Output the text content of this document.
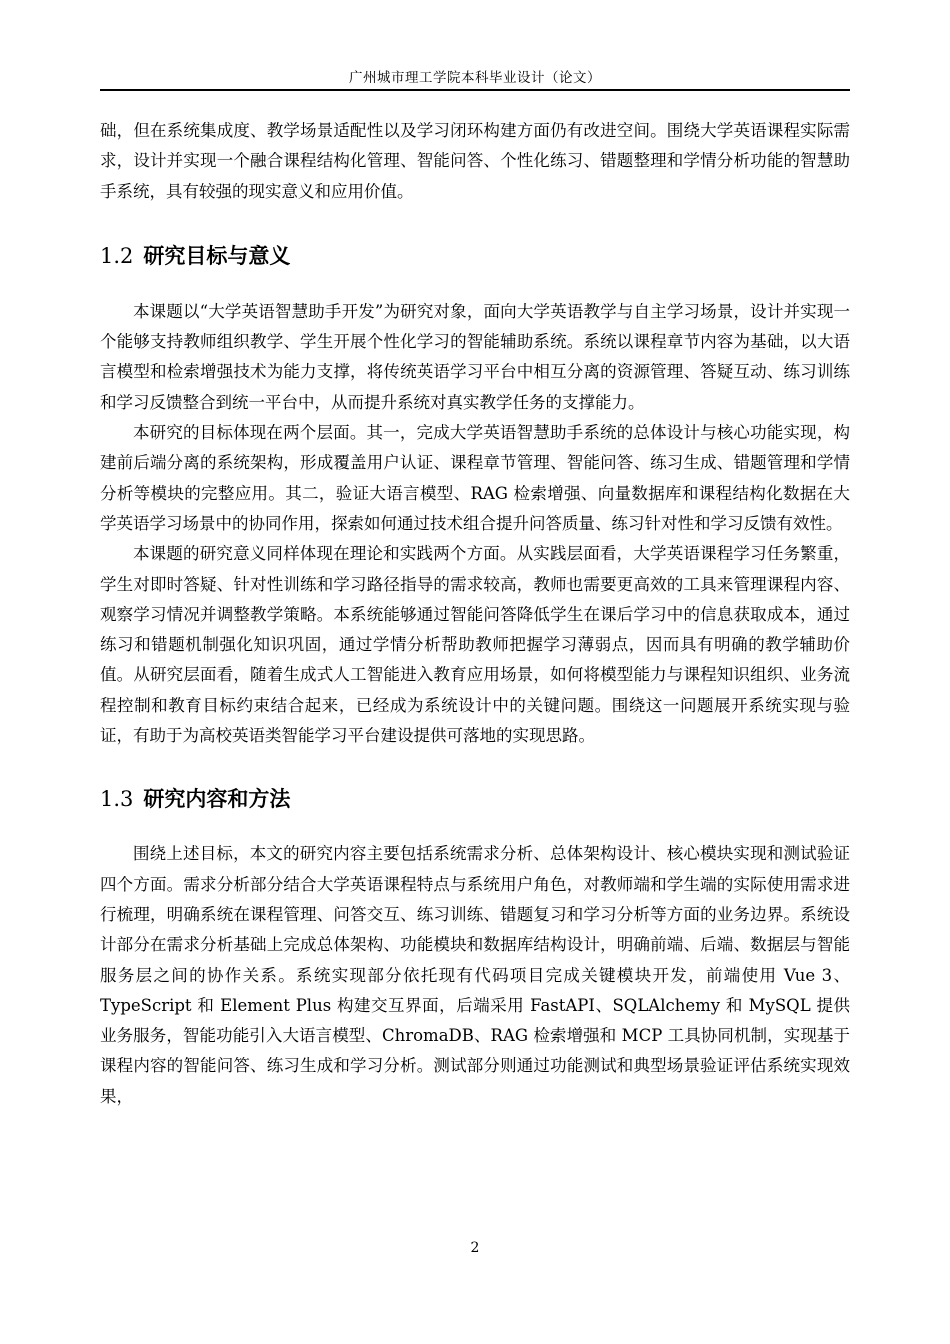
广州城市理工学院本科毕业设计（论文）

础，但在系统集成度、教学场景适配性以及学习闭环构建方面仍有改进空间。围绕大学英语课程实际需求，设计并实现一个融合课程结构化管理、智能问答、个性化练习、错题整理和学情分析功能的智慧助手系统，具有较强的现实意义和应用价值。

1.2 研究目标与意义

本课题以“大学英语智慧助手开发”为研究对象，面向大学英语教学与自主学习场景，设计并实现一个能够支持教师组织教学、学生开展个性化学习的智能辅助系统。系统以课程章节内容为基础，以大语言模型和检索增强技术为能力支撑，将传统英语学习平台中相互分离的资源管理、答疑互动、练习训练和学习反馈整合到统一平台中，从而提升系统对真实教学任务的支撑能力。

本研究的目标体现在两个层面。其一，完成大学英语智慧助手系统的总体设计与核心功能实现，构建前后端分离的系统架构，形成覆盖用户认证、课程章节管理、智能问答、练习生成、错题管理和学情分析等模块的完整应用。其二，验证大语言模型、RAG 检索增强、向量数据库和课程结构化数据在大学英语学习场景中的协同作用，探索如何通过技术组合提升问答质量、练习针对性和学习反馈有效性。

本课题的研究意义同样体现在理论和实践两个方面。从实践层面看，大学英语课程学习任务繁重，学生对即时答疑、针对性训练和学习路径指导的需求较高，教师也需要更高效的工具来管理课程内容、观察学习情况并调整教学策略。本系统能够通过智能问答降低学生在课后学习中的信息获取成本，通过练习和错题机制强化知识巩固，通过学情分析帮助教师把握学习薄弱点，因而具有明确的教学辅助价值。从研究层面看，随着生成式人工智能进入教育应用场景，如何将模型能力与课程知识组织、业务流程控制和教育目标约束结合起来，已经成为系统设计中的关键问题。围绕这一问题展开系统实现与验证，有助于为高校英语类智能学习平台建设提供可落地的实现思路。

1.3 研究内容和方法

围绕上述目标，本文的研究内容主要包括系统需求分析、总体架构设计、核心模块实现和测试验证四个方面。需求分析部分结合大学英语课程特点与系统用户角色，对教师端和学生端的实际使用需求进行梳理，明确系统在课程管理、问答交互、练习训练、错题复习和学习分析等方面的业务边界。系统设计部分在需求分析基础上完成总体架构、功能模块和数据库结构设计，明确前端、后端、数据层与智能服务层之间的协作关系。系统实现部分依托现有代码项目完成关键模块开发，前端使用 Vue 3、TypeScript 和 Element Plus 构建交互界面，后端采用 FastAPI、SQLAlchemy 和 MySQL 提供业务服务，智能功能引入大语言模型、ChromaDB、RAG 检索增强和 MCP 工具协同机制，实现基于课程内容的智能问答、练习生成和学习分析。测试部分则通过功能测试和典型场景验证评估系统实现效果，

2
